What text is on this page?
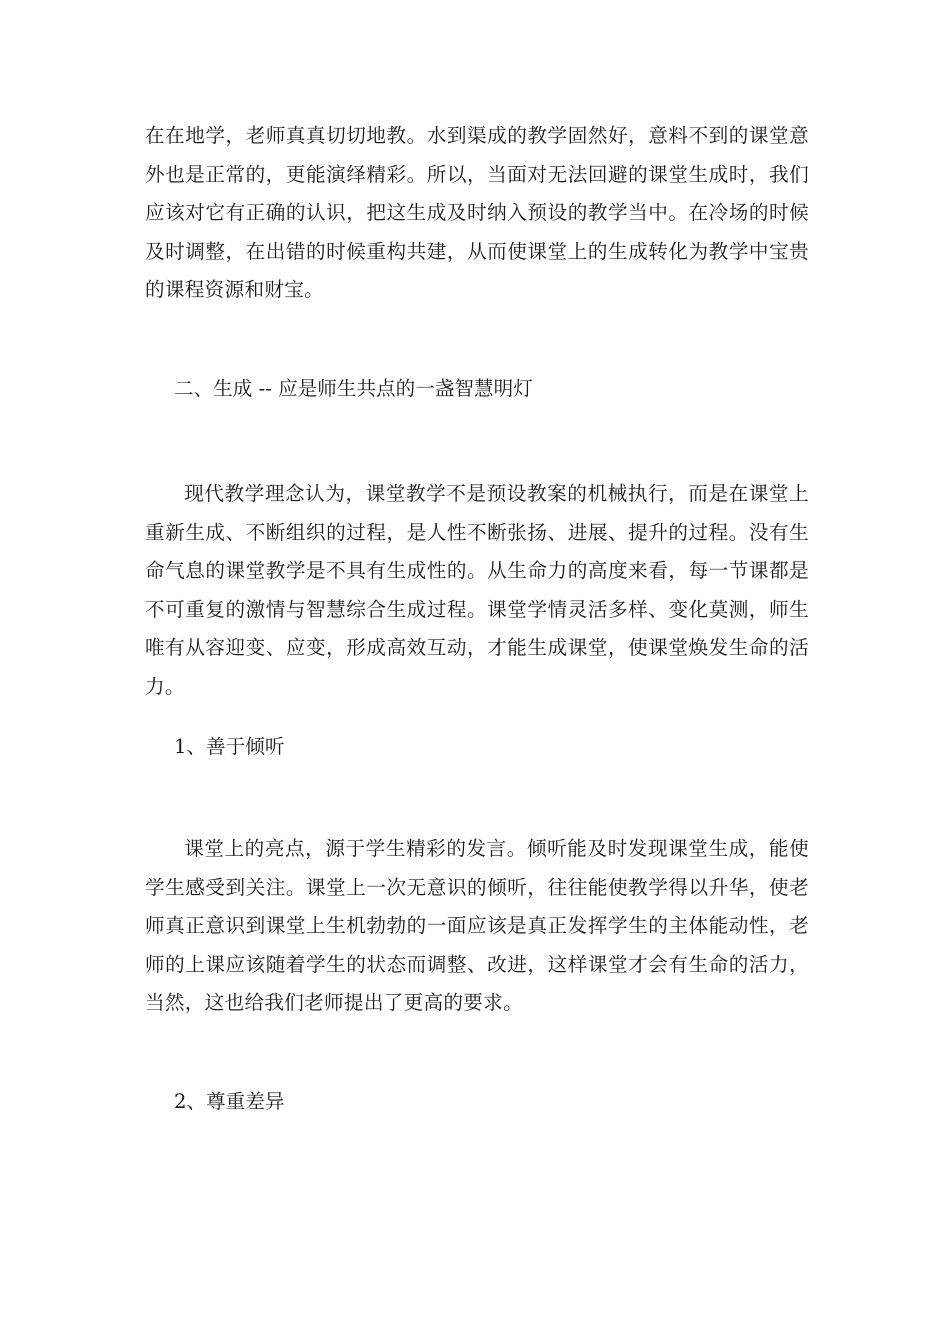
在在地学，老师真真切切地教。水到渠成的教学固然好，意料不到的课堂意外也是正常的，更能演绎精彩。所以，当面对无法回避的课堂生成时，我们应该对它有正确的认识，把这生成及时纳入预设的教学当中。在冷场的时候及时调整，在出错的时候重构共建，从而使课堂上的生成转化为教学中宝贵的课程资源和财宝。

二、生成 -- 应是师生共点的一盏智慧明灯

现代教学理念认为，课堂教学不是预设教案的机械执行，而是在课堂上重新生成、不断组织的过程，是人性不断张扬、进展、提升的过程。没有生命气息的课堂教学是不具有生成性的。从生命力的高度来看，每一节课都是不可重复的激情与智慧综合生成过程。课堂学情灵活多样、变化莫测，师生唯有从容迎变、应变，形成高效互动，才能生成课堂，使课堂焕发生命的活力。

1、善于倾听

课堂上的亮点，源于学生精彩的发言。倾听能及时发现课堂生成，能使学生感受到关注。课堂上一次无意识的倾听，往往能使教学得以升华，使老师真正意识到课堂上生机勃勃的一面应该是真正发挥学生的主体能动性，老师的上课应该随着学生的状态而调整、改进，这样课堂才会有生命的活力，当然，这也给我们老师提出了更高的要求。

2、尊重差异
